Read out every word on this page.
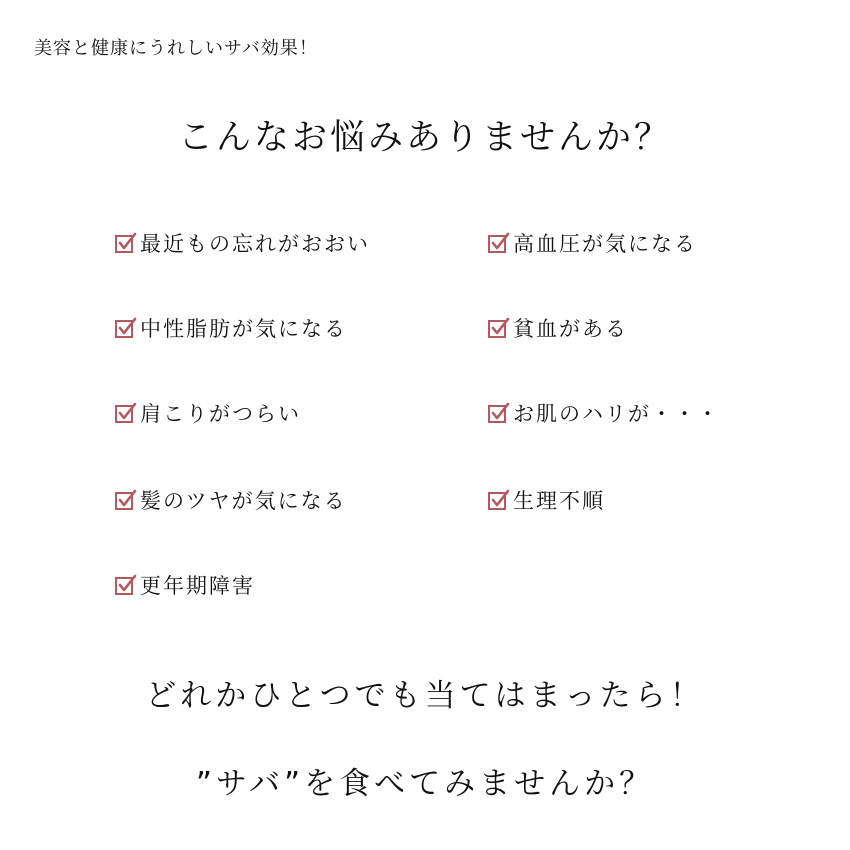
美容と健康にうれしいサバ効果！
こんなお悩みありませんか？
最近もの忘れがおおい
中性脂肪が気になる
肩こりがつらい
髪のツヤが気になる
更年期障害
高血圧が気になる
貧血がある
お肌のハリが・・・
生理不順
どれかひとつでも当てはまったら！
”サバ”を食べてみませんか？
